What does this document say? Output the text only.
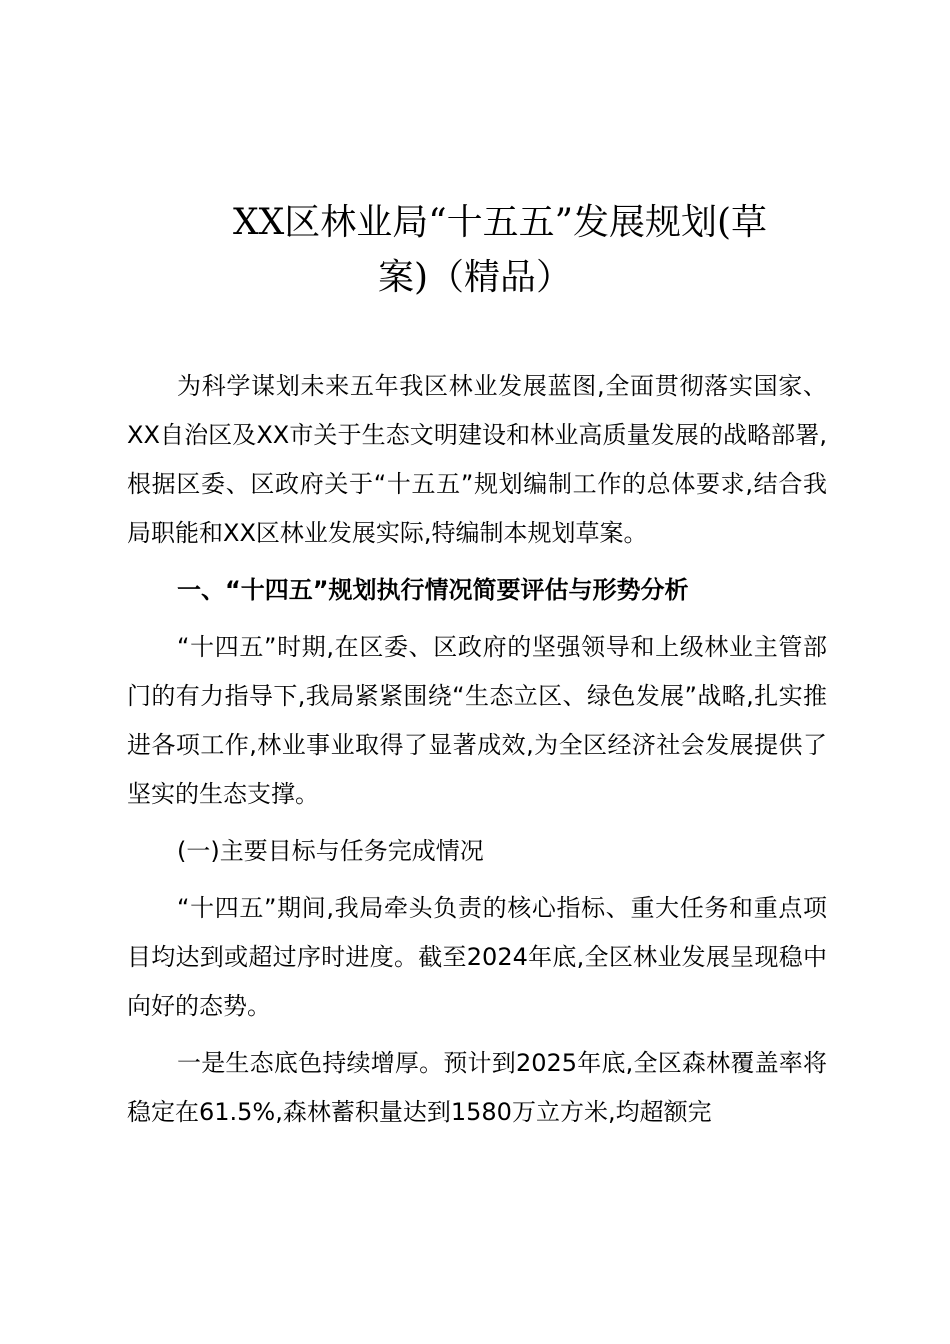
XX区林业局“十五五”发展规划(草
案)（精品）

为科学谋划未来五年我区林业发展蓝图,全面贯彻落实国家、XX自治区及XX市关于生态文明建设和林业高质量发展的战略部署,根据区委、区政府关于“十五五”规划编制工作的总体要求,结合我局职能和XX区林业发展实际,特编制本规划草案。

一、“十四五”规划执行情况简要评估与形势分析

“十四五”时期,在区委、区政府的坚强领导和上级林业主管部门的有力指导下,我局紧紧围绕“生态立区、绿色发展”战略,扎实推进各项工作,林业事业取得了显著成效,为全区经济社会发展提供了坚实的生态支撑。

(一)主要目标与任务完成情况

“十四五”期间,我局牵头负责的核心指标、重大任务和重点项目均达到或超过序时进度。截至2024年底,全区林业发展呈现稳中向好的态势。

一是生态底色持续增厚。预计到2025年底,全区森林覆盖率将稳定在61.5%,森林蓄积量达到1580万立方米,均超额完
